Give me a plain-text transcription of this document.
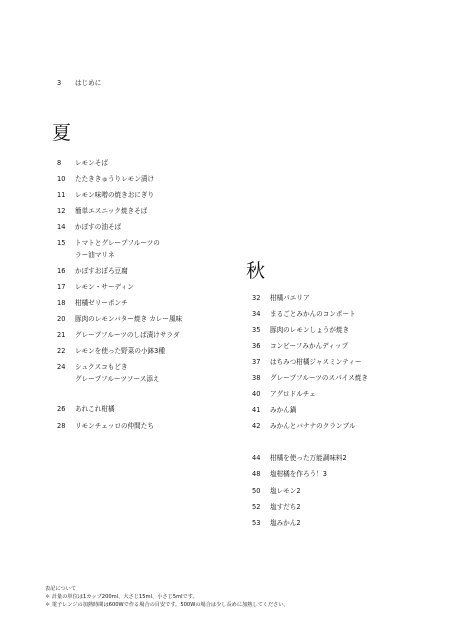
3	はじめに
夏
8	レモンそば
10	たたききゅうりレモン漬け
11	レモン味噌の焼きおにぎり
12	簡単エスニック焼きそば
14	かぼすの油そば
15	トマトとグレープフルーツの
ラー油マリネ
16	かぼすおぼろ豆腐
17	レモン・サーディン
18	柑橘ゼリーポンチ
20	豚肉のレモンバター焼き カレー風味
21	グレープフルーツのしば漬けサラダ
22	レモンを使った野菜の小鉢3種
24	シュクスコもどき
グレープフルーツソース添え
26	あれこれ柑橘
28	リモンチェッロの仲間たち
秋
32	柑橘パエリア
34	まるごとみかんのコンポート
35	豚肉のレモンしょうが焼き
36	コンビーフみかんディップ
37	はちみつ柑橘ジャスミンティー
38	グレープフルーツのスパイス焼き
40	アグロドルチェ
41	みかん鍋
42	みかんとバナナのクランブル
44	柑橘を使った万能調味料2
48	塩柑橘を作ろう！3
50	塩レモン2
52	塩すだち2
53	塩みかん2
表記について
＊ 計量の単位は1カップ200ml、大さじ15ml、小さじ5mlです。
＊ 電子レンジの加熱時間は600Wで作る場合の目安です。500Wの場合は少し長めに加熱してください。
